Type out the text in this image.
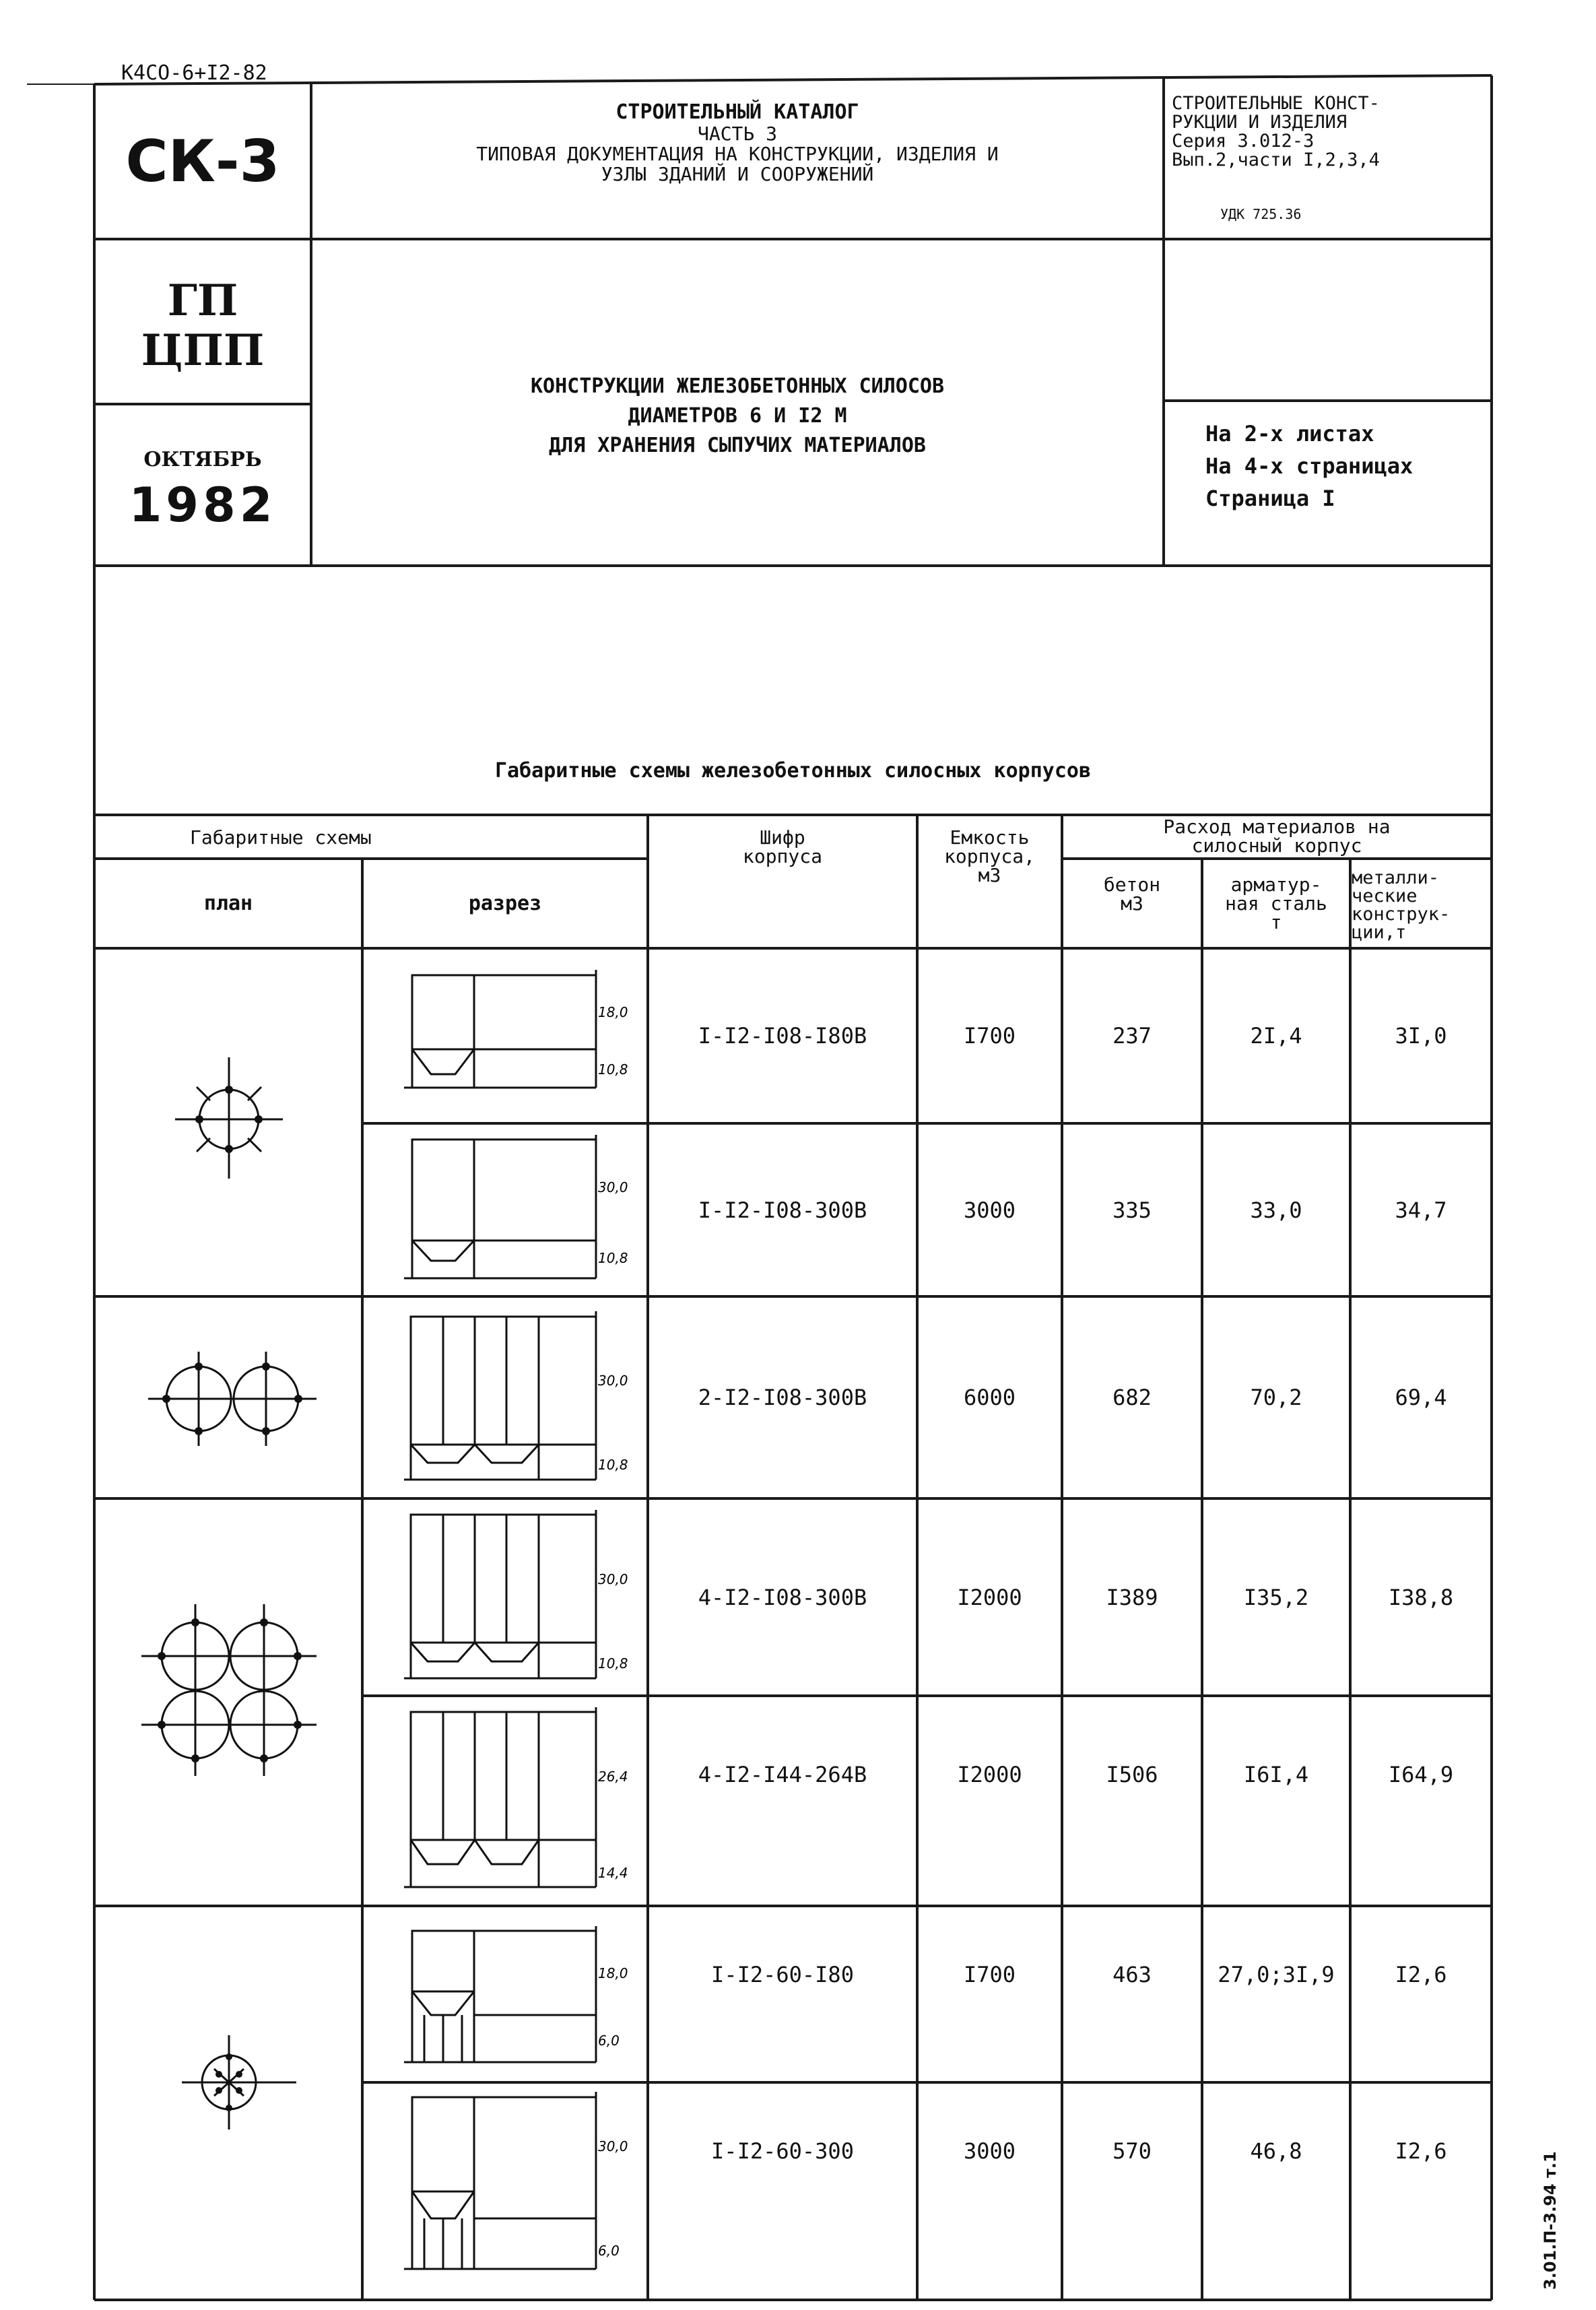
К4СО-6+I2-82
СК-3
СТРОИТЕЛЬНЫЙ КАТАЛОГ
ЧАСТЬ 3
ТИПОВАЯ ДОКУМЕНТАЦИЯ НА КОНСТРУКЦИИ, ИЗДЕЛИЯ И
УЗЛЫ ЗДАНИЙ И СООРУЖЕНИЙ
СТРОИТЕЛЬНЫЕ КОНСТ-
РУКЦИИ И ИЗДЕЛИЯ
Серия 3.012-3
Вып.2,части I,2,3,4
УДК 725.36
ГП
ЦПП
ОКТЯБРЬ
1982
КОНСТРУКЦИИ ЖЕЛЕЗОБЕТОННЫХ СИЛОСОВ
ДИАМЕТРОВ 6 И I2 М
ДЛЯ ХРАНЕНИЯ СЫПУЧИХ МАТЕРИАЛОВ	На 2-х листах
На 4-х страницах
Страница I
Габаритные схемы железобетонных силосных корпусов
Габаритные схемы
план	разрез
Шифр
корпуса
Емкость
корпуса,
м3
Расход материалов на
силосный корпус
бетон
м3
арматур-
ная сталь
т
металли-
ческие
конструк-
ции,т
I-I2-I08-I80B	I700	237	2I,4	3I,0
I-I2-I08-300B	3000	335	33,0	34,7
2-I2-I08-300B	6000	682	70,2	69,4
4-I2-I08-300B	I2000	I389	I35,2	I38,8
4-I2-I44-264B	I2000	I506	I6I,4	I64,9
I-I2-60-I80	I700	463	27,0;3I,9	I2,6
I-I2-60-300	3000	570	46,8	I2,6
18,0
10,8
30,0
10,8
30,0
10,8
30,0
10,8
26,4
14,4
18,0
6,0
30,0
6,0	3.01.П-3.94 т.1
